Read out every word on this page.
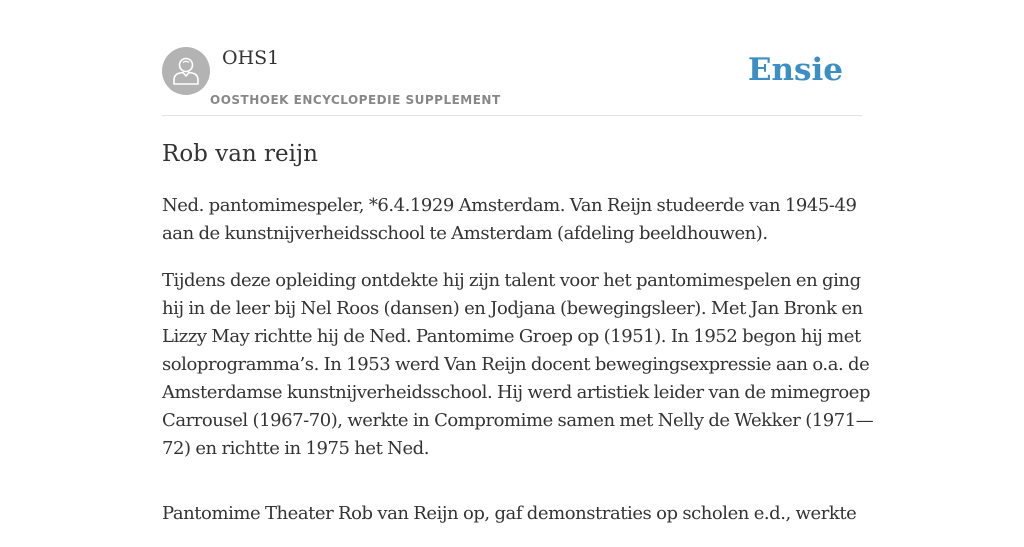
OHS1
OOSTHOEK ENCYCLOPEDIE SUPPLEMENT
Ensie
Rob van reijn

Ned. pantomimespeler, *6.4.1929 Amsterdam. Van Reijn studeerde van 1945-49
aan de kunstnijverheidsschool te Amsterdam (afdeling beeldhouwen).

Tijdens deze opleiding ontdekte hij zijn talent voor het pantomimespelen en ging
hij in de leer bij Nel Roos (dansen) en Jodjana (bewegingsleer). Met Jan Bronk en
Lizzy May richtte hij de Ned. Pantomime Groep op (1951). In 1952 begon hij met
soloprogramma’s. In 1953 werd Van Reijn docent bewegingsexpressie aan o.a. de
Amsterdamse kunstnijverheidsschool. Hij werd artistiek leider van de mimegroep
Carrousel (1967-70), werkte in Compromime samen met Nelly de Wekker (1971—
72) en richtte in 1975 het Ned.

Pantomime Theater Rob van Reijn op, gaf demonstraties op scholen e.d., werkte
